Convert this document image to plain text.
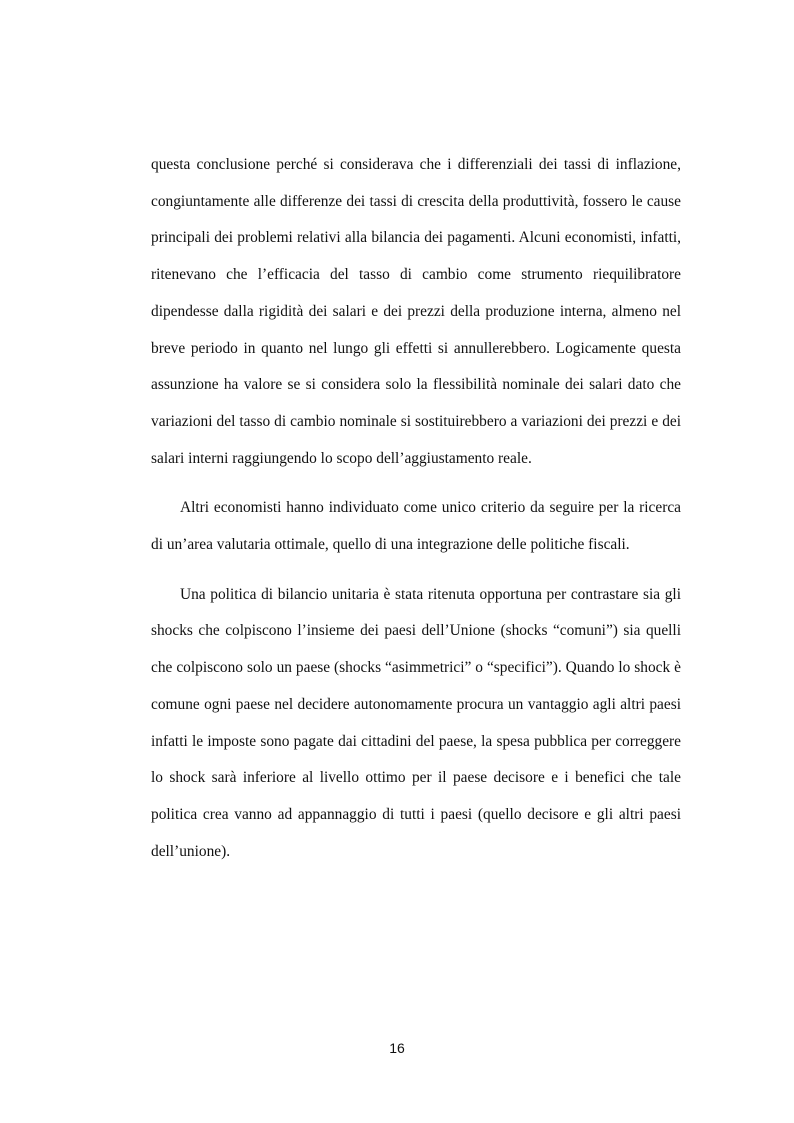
questa conclusione perché si considerava che i differenziali dei tassi di inflazione, congiuntamente alle differenze dei tassi di crescita della produttività, fossero le cause principali dei problemi relativi alla bilancia dei pagamenti. Alcuni economisti, infatti, ritenevano che l’efficacia del tasso di cambio come strumento riequilibratore dipendesse dalla rigidità dei salari e dei prezzi della produzione interna, almeno nel breve periodo in quanto nel lungo gli effetti si annullerebbero. Logicamente questa assunzione ha valore se si considera solo la flessibilità nominale dei salari dato che variazioni del tasso di cambio nominale si sostituirebbero a variazioni dei prezzi e dei salari interni raggiungendo lo scopo dell’aggiustamento reale.

Altri economisti hanno individuato come unico criterio da seguire per la ricerca di un’area valutaria ottimale, quello di una integrazione delle politiche fiscali.

Una politica di bilancio unitaria è stata ritenuta opportuna per contrastare sia gli shocks che colpiscono l’insieme dei paesi dell’Unione (shocks “comuni”) sia quelli che colpiscono solo un paese (shocks “asimmetrici” o “specifici”). Quando lo shock è comune ogni paese nel decidere autonomamente procura un vantaggio agli altri paesi infatti le imposte sono pagate dai cittadini del paese, la spesa pubblica per correggere lo shock sarà inferiore al livello ottimo per il paese decisore e i benefici che tale politica crea vanno ad appannaggio di tutti i paesi (quello decisore e gli altri paesi dell’unione).

16
